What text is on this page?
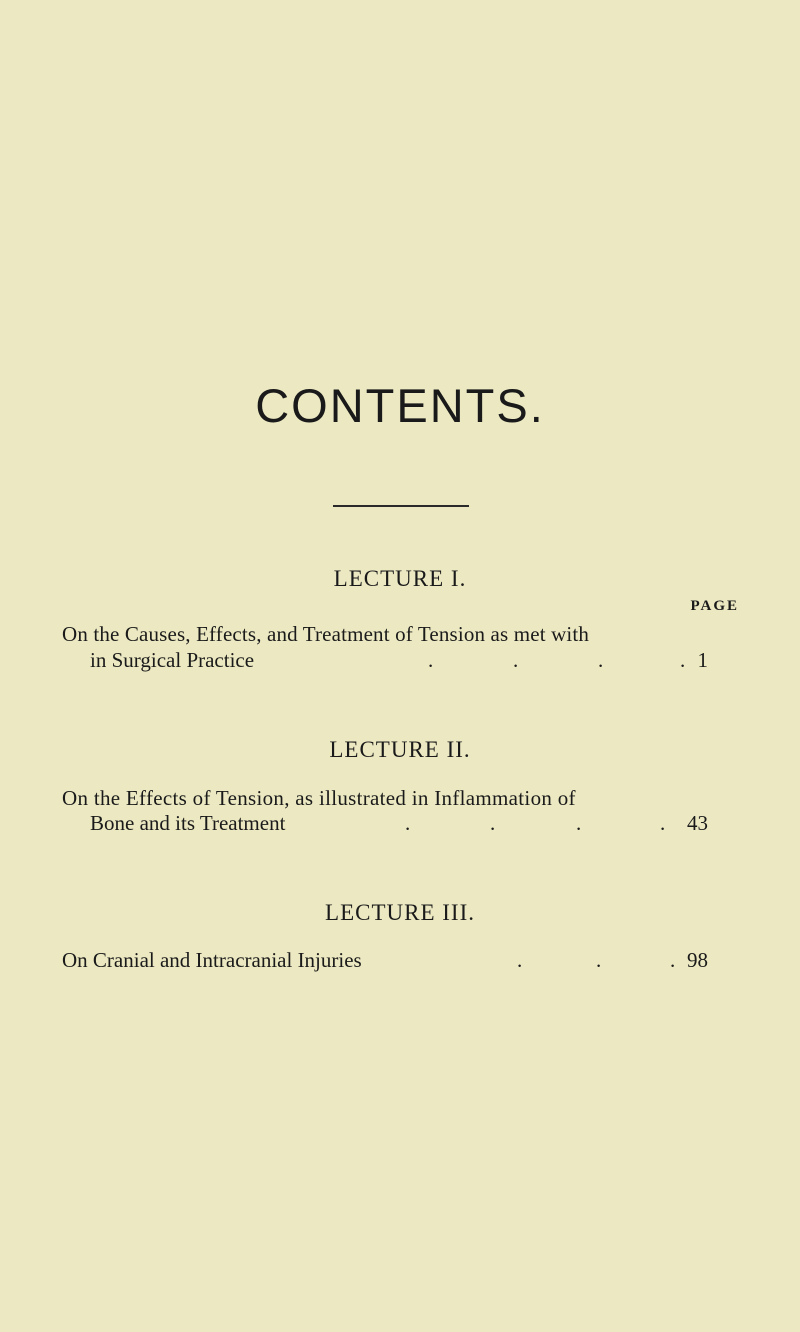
CONTENTS.
LECTURE I.
PAGE
On the Causes, Effects, and Treatment of Tension as met with
in Surgical Practice	.	.	.	. 1
LECTURE II.
On the Effects of Tension, as illustrated in Inflammation of
Bone and its Treatment	.	.	.	.	43
LECTURE III.
On Cranial and Intracranial Injuries	.	.	. 98
